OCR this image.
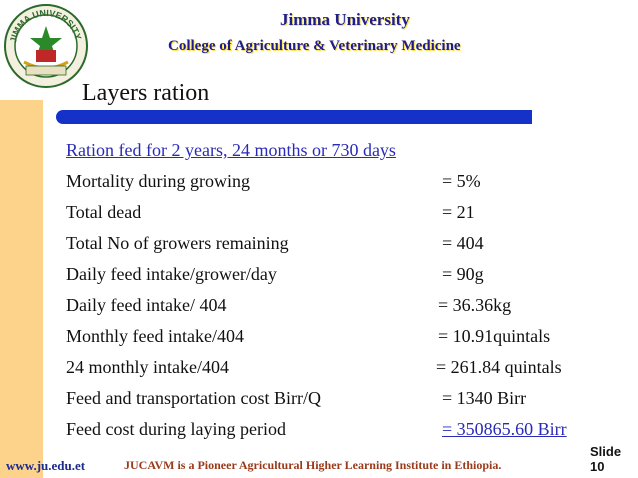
JIMMA UNIVERSITY
Jimma University
College of Agriculture & Veterinary Medicine
Layers ration
Ration fed for 2 years, 24 months or 730 days
Mortality during growing	= 5%
Total dead	= 21
Total No of growers remaining	= 404
Daily feed intake/grower/day	= 90g
Daily feed intake/ 404	= 36.36kg
Monthly feed intake/404	= 10.91quintals
24 monthly intake/404	= 261.84 quintals
Feed and transportation cost Birr/Q	= 1340 Birr
Feed cost during laying period	= 350865.60 Birr
www.ju.edu.et	JUCAVM is a Pioneer Agricultural Higher Learning Institute in Ethiopia.
Slide
10
